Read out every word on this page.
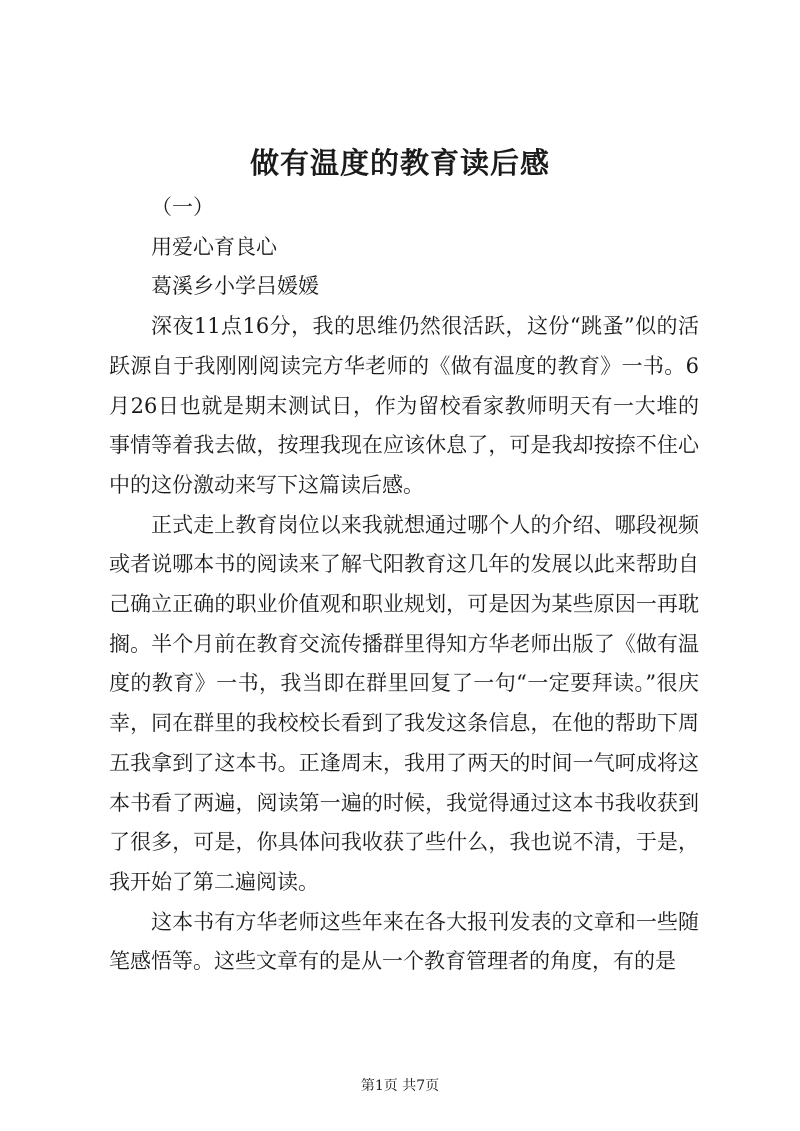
做有温度的教育读后感

（一）

用爱心育良心

葛溪乡小学吕媛媛

深夜11点16分，我的思维仍然很活跃，这份“跳蚤”似的活跃源自于我刚刚阅读完方华老师的《做有温度的教育》一书。6月26日也就是期末测试日，作为留校看家教师明天有一大堆的事情等着我去做，按理我现在应该休息了，可是我却按捺不住心中的这份激动来写下这篇读后感。

正式走上教育岗位以来我就想通过哪个人的介绍、哪段视频或者说哪本书的阅读来了解弋阳教育这几年的发展以此来帮助自己确立正确的职业价值观和职业规划，可是因为某些原因一再耽搁。半个月前在教育交流传播群里得知方华老师出版了《做有温度的教育》一书，我当即在群里回复了一句“一定要拜读。”很庆幸，同在群里的我校校长看到了我发这条信息，在他的帮助下周五我拿到了这本书。正逢周末，我用了两天的时间一气呵成将这本书看了两遍，阅读第一遍的时候，我觉得通过这本书我收获到了很多，可是，你具体问我收获了些什么，我也说不清，于是，我开始了第二遍阅读。

这本书有方华老师这些年来在各大报刊发表的文章和一些随笔感悟等。这些文章有的是从一个教育管理者的角度，有的是

第1页 共7页
